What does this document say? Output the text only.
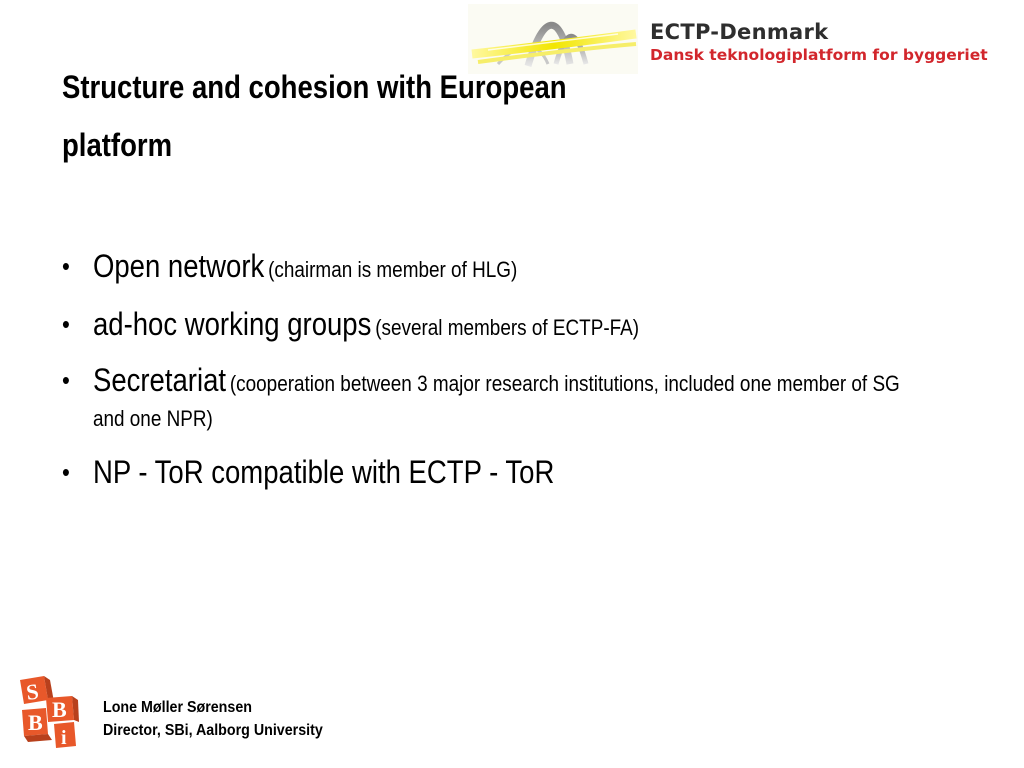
ECTP-Denmark
Dansk teknologiplatform for byggeriet
Structure and cohesion with European
platform
• Open network (chairman is member of HLG)
• ad-hoc working groups (several members of ECTP-FA)
• Secretariat (cooperation between 3 major research institutions, included one member of SG and one NPR)
• NP - ToR compatible with ECTP - ToR
S
B
B
i
Lone Møller Sørensen
Director, SBi, Aalborg University
